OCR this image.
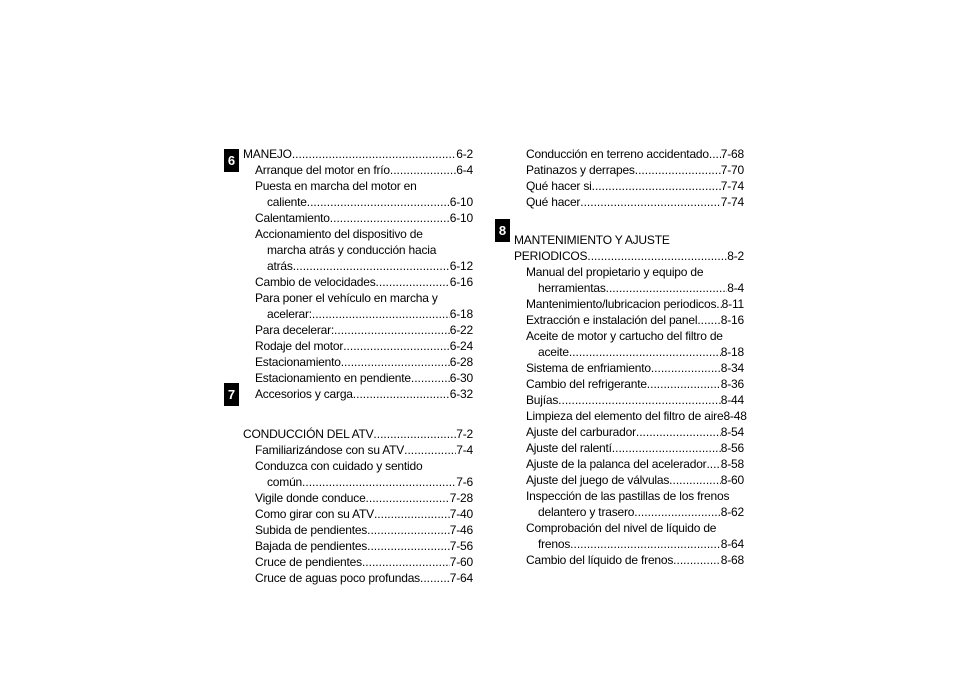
6
7
8
MANEJO .....	6-2
Arranque del motor en frío .....	6-4
Puesta en marcha del motor en
caliente .....	6-10
Calentamiento .....	6-10
Accionamiento del dispositivo de
marcha atrás y conducción hacia
atrás .....	6-12
Cambio de velocidades .....	6-16
Para poner el vehículo en marcha y
acelerar: .....	6-18
Para decelerar: .....	6-22
Rodaje del motor .....	6-24
Estacionamiento .....	6-28
Estacionamiento en pendiente .....	6-30
Accesorios y carga .....	6-32
CONDUCCIÓN DEL ATV .....	7-2
Familiarizándose con su ATV .....	7-4
Conduzca con cuidado y sentido
común .....	7-6
Vigile donde conduce .....	7-28
Como girar con su ATV .....	7-40
Subida de pendientes .....	7-46
Bajada de pendientes .....	7-56
Cruce de pendientes .....	7-60
Cruce de aguas poco profundas ..... 7-64
Conducción en terreno accidentado ..... 7-68
Patinazos y derrapes .....	7-70
Qué hacer si .....	7-74
Qué hacer .....	7-74
MANTENIMIENTO Y AJUSTE
PERIODICOS .....	8-2
Manual del propietario y equipo de
herramientas .....	8-4
Mantenimiento/lubricacion periodicos ..... 8-11
Extracción e instalación del panel ..... 8-16
Aceite de motor y cartucho del filtro de
aceite .....	8-18
Sistema de enfriamiento .....	8-34
Cambio del refrigerante .....	8-36
Bujías .....	8-44
Limpieza del elemento del filtro de aire 8-48
Ajuste del carburador .....	8-54
Ajuste del ralentí .....	8-56
Ajuste de la palanca del acelerador ..... 8-58
Ajuste del juego de válvulas .....	8-60
Inspección de las pastillas de los frenos
delantero y trasero .....	8-62
Comprobación del nivel de líquido de
frenos .....	8-64
Cambio del líquido de frenos .....	8-68
